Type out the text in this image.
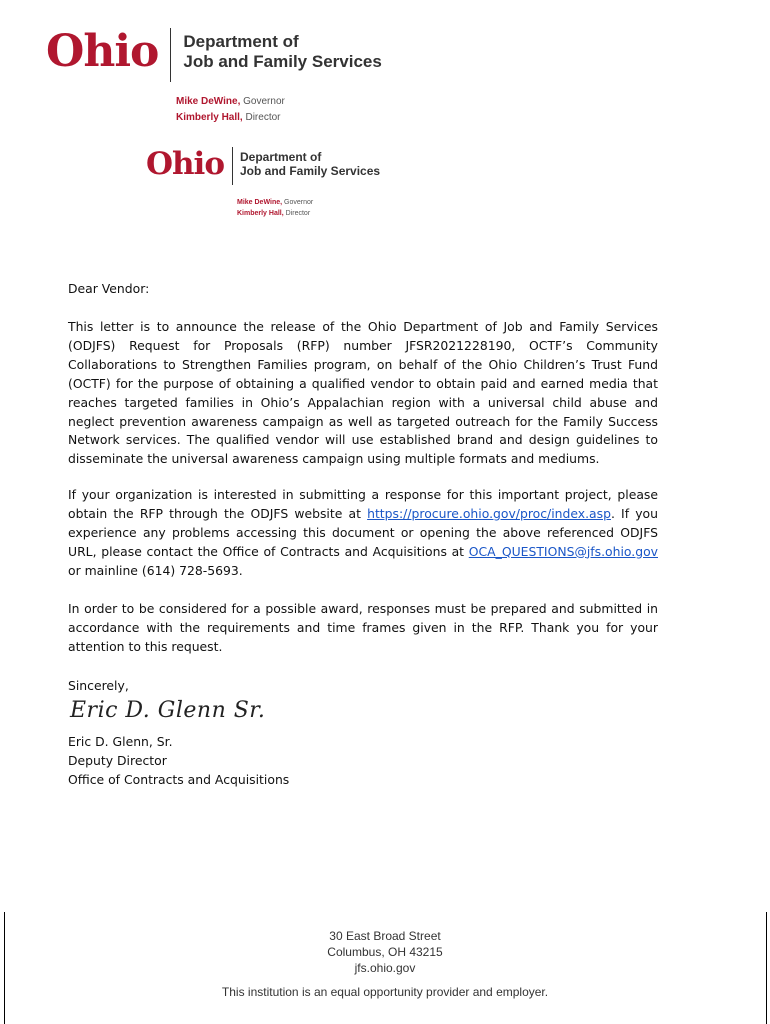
Ohio Department of
Job and Family Services
Mike DeWine, Governor
Kimberly Hall, Director
Ohio Department of
Job and Family Services
Mike DeWine, Governor
Kimberly Hall, Director

Dear Vendor:

This letter is to announce the release of the Ohio Department of Job and Family Services (ODJFS) Request for Proposals (RFP) number JFSR2021228190, OCTF’s Community Collaborations to Strengthen Families program, on behalf of the Ohio Children’s Trust Fund (OCTF) for the purpose of obtaining a qualified vendor to obtain paid and earned media that reaches targeted families in Ohio’s Appalachian region with a universal child abuse and neglect prevention awareness campaign as well as targeted outreach for the Family Success Network services. The qualified vendor will use established brand and design guidelines to disseminate the universal awareness campaign using multiple formats and mediums.

If your organization is interested in submitting a response for this important project, please obtain the RFP through the ODJFS website at https://procure.ohio.gov/proc/index.asp. If you experience any problems accessing this document or opening the above referenced ODJFS URL, please contact the Office of Contracts and Acquisitions at OCA_QUESTIONS@jfs.ohio.gov or mainline (614) 728-5693.

In order to be considered for a possible award, responses must be prepared and submitted in accordance with the requirements and time frames given in the RFP. Thank you for your attention to this request.

Sincerely,

Eric D. Glenn Sr.

Eric D. Glenn, Sr.

Deputy Director

Office of Contracts and Acquisitions

30 East Broad Street
Columbus, OH 43215
jfs.ohio.gov
This institution is an equal opportunity provider and employer.
